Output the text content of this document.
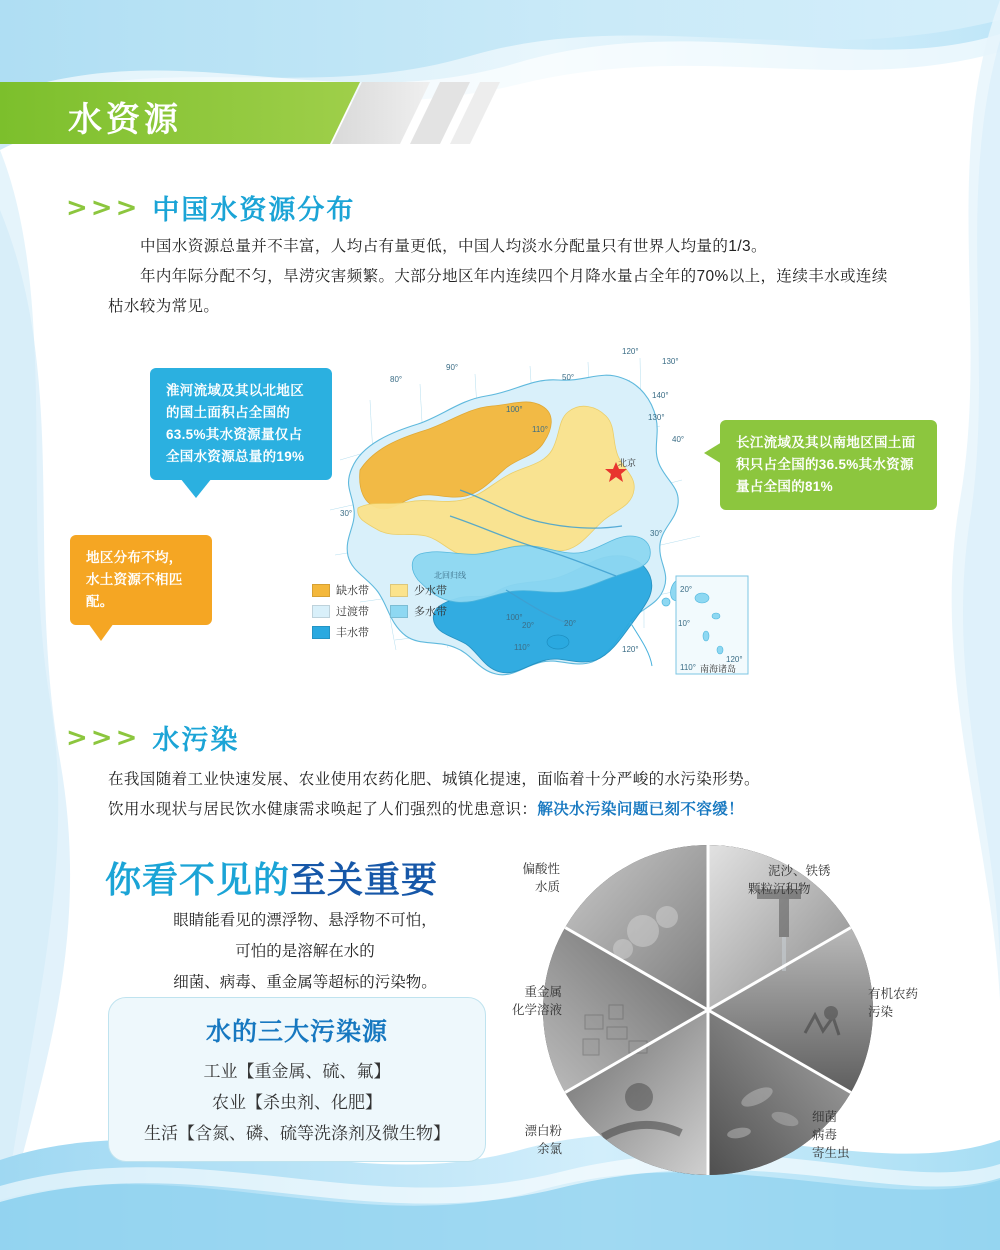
水资源
>>> 中国水资源分布
中国水资源总量并不丰富，人均占有量更低，中国人均淡水分配量只有世界人均量的1/3。
年内年际分配不匀，旱涝灾害频繁。大部分地区年内连续四个月降水量占全年的70%以上，连续丰水或连续枯水较为常见。
120°
130°
80°
90°
50°
100°
110°
140°
130°
40°
30°
30°
北回归线
100°
20°	20°
110°	120°
20°
10°
120°
110°
北京
南海诸岛
淮河流域及其以北地区的国土面积占全国的63.5%其水资源量仅占全国水资源总量的19%
长江流域及其以南地区国土面积只占全国的36.5%其水资源量占全国的81%
地区分布不均，水土资源不相匹配。
缺水带	少水带
过渡带	多水带
丰水带
>>> 水污染
在我国随着工业快速发展、农业使用农药化肥、城镇化提速，面临着十分严峻的水污染形势。
饮用水现状与居民饮水健康需求唤起了人们强烈的忧患意识：解决水污染问题已刻不容缓！
你看不见的至关重要
眼睛能看见的漂浮物、悬浮物不可怕，
可怕的是溶解在水的
细菌、病毒、重金属等超标的污染物。
水的三大污染源
工业【重金属、硫、氟】
农业【杀虫剂、化肥】
生活【含氮、磷、硫等洗涤剂及微生物】
偏酸性
水质
泥沙、铁锈
颗粒沉积物
有机农药
污染
细菌
病毒
寄生虫
漂白粉
余氯
重金属
化学溶液
